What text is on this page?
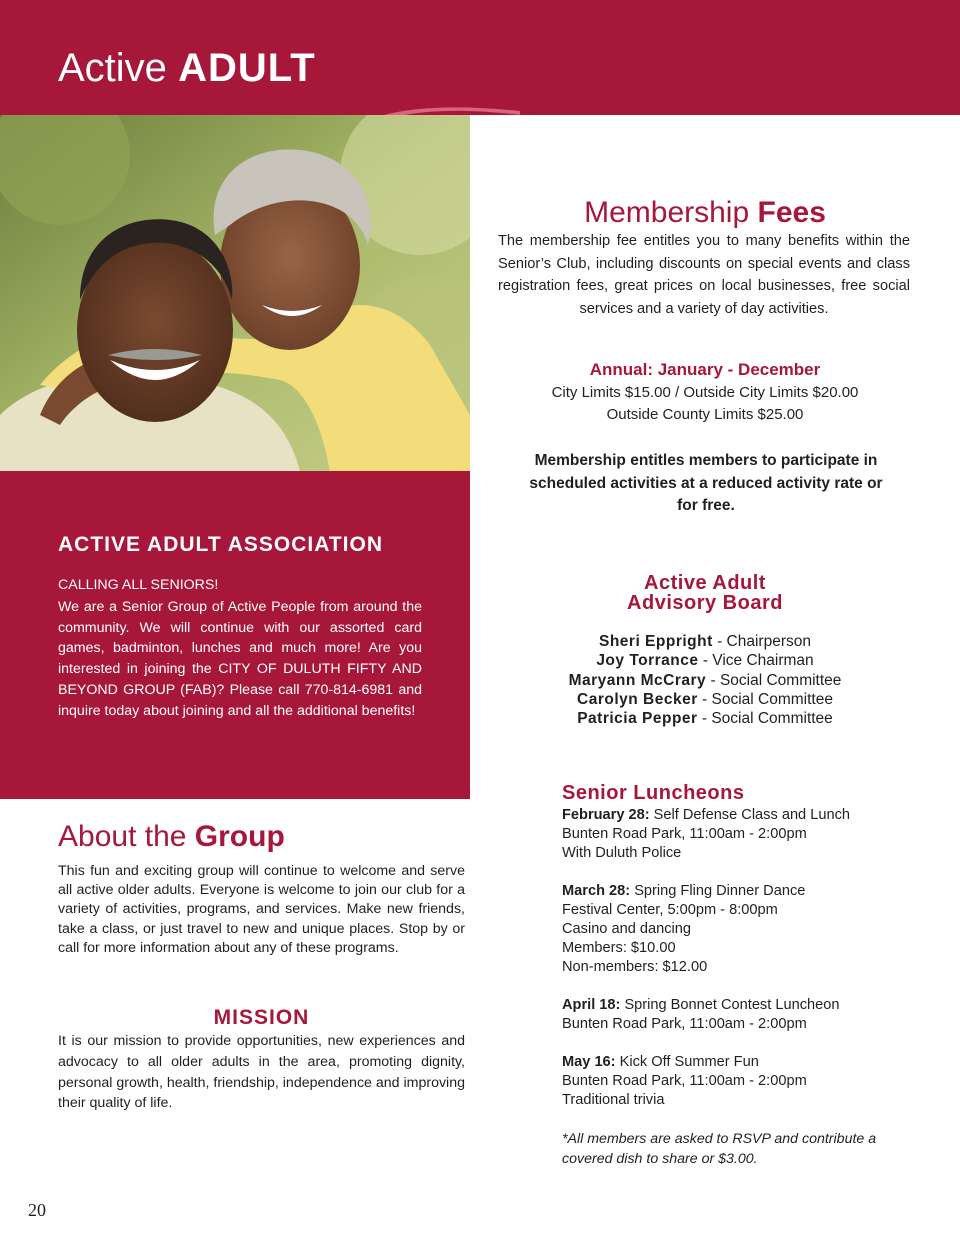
Active ADULT
ACTIVE ADULT ASSOCIATION
CALLING ALL SENIORS!
We are a Senior Group of Active People from around the community. We will continue with our assorted card games, badminton, lunches and much more! Are you interested in joining the CITY OF DULUTH FIFTY AND BEYOND GROUP (FAB)? Please call 770-814-6981 and inquire today about joining and all the additional benefits!
About the Group
This fun and exciting group will continue to welcome and serve all active older adults. Everyone is welcome to join our club for a variety of activities, programs, and services. Make new friends, take a class, or just travel to new and unique places. Stop by or call for more information about any of these programs.
MISSION
It is our mission to provide opportunities, new experiences and advocacy to all older adults in the area, promoting dignity, personal growth, health, friendship, independence and improving their quality of life.
20
Membership Fees
The membership fee entitles you to many benefits within the Senior’s Club, including discounts on special events and class registration fees, great prices on local businesses, free social services and a variety of day activities.
Annual: January - December
City Limits $15.00 / Outside City Limits $20.00
Outside County Limits $25.00
Membership entitles members to participate in scheduled activities at a reduced activity rate or for free.
Active Adult
Advisory Board
Sheri Eppright - Chairperson
Joy Torrance - Vice Chairman
Maryann McCrary - Social Committee
Carolyn Becker - Social Committee
Patricia Pepper - Social Committee
Senior Luncheons
February 28: Self Defense Class and Lunch
Bunten Road Park, 11:00am - 2:00pm
With Duluth Police
March 28: Spring Fling Dinner Dance
Festival Center, 5:00pm - 8:00pm
Casino and dancing
Members: $10.00
Non-members: $12.00
April 18: Spring Bonnet Contest Luncheon
Bunten Road Park, 11:00am - 2:00pm
May 16: Kick Off Summer Fun
Bunten Road Park, 11:00am - 2:00pm
Traditional trivia
*All members are asked to RSVP and contribute a covered dish to share or $3.00.
